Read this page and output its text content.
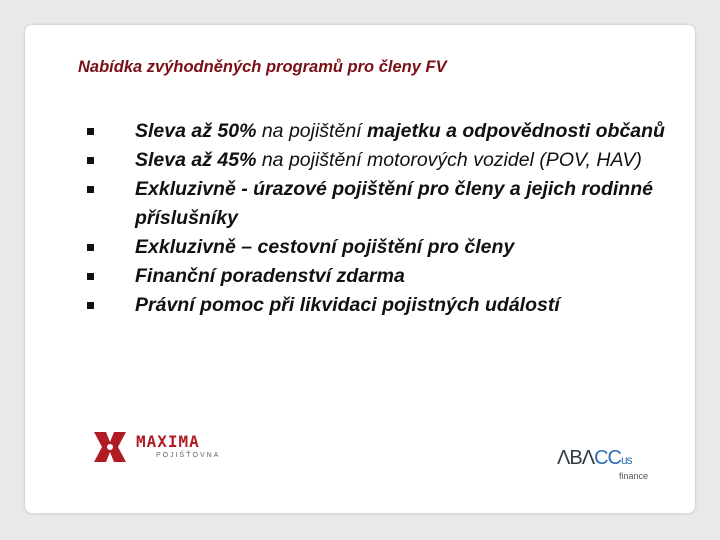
Nabídka zvýhodněných programů pro členy FV
Sleva až 50% na pojištění majetku a odpovědnosti občanů
Sleva až 45% na pojištění motorových vozidel (POV, HAV)
Exkluzivně - úrazové pojištění pro členy a jejich rodinné příslušníky
Exkluzivně – cestovní pojištění pro členy
Finanční poradenství zdarma
Právní pomoc při likvidaci pojistných událostí
MAXIMA
POJIŠŤOVNA	ΛΒΛCCus
finance
